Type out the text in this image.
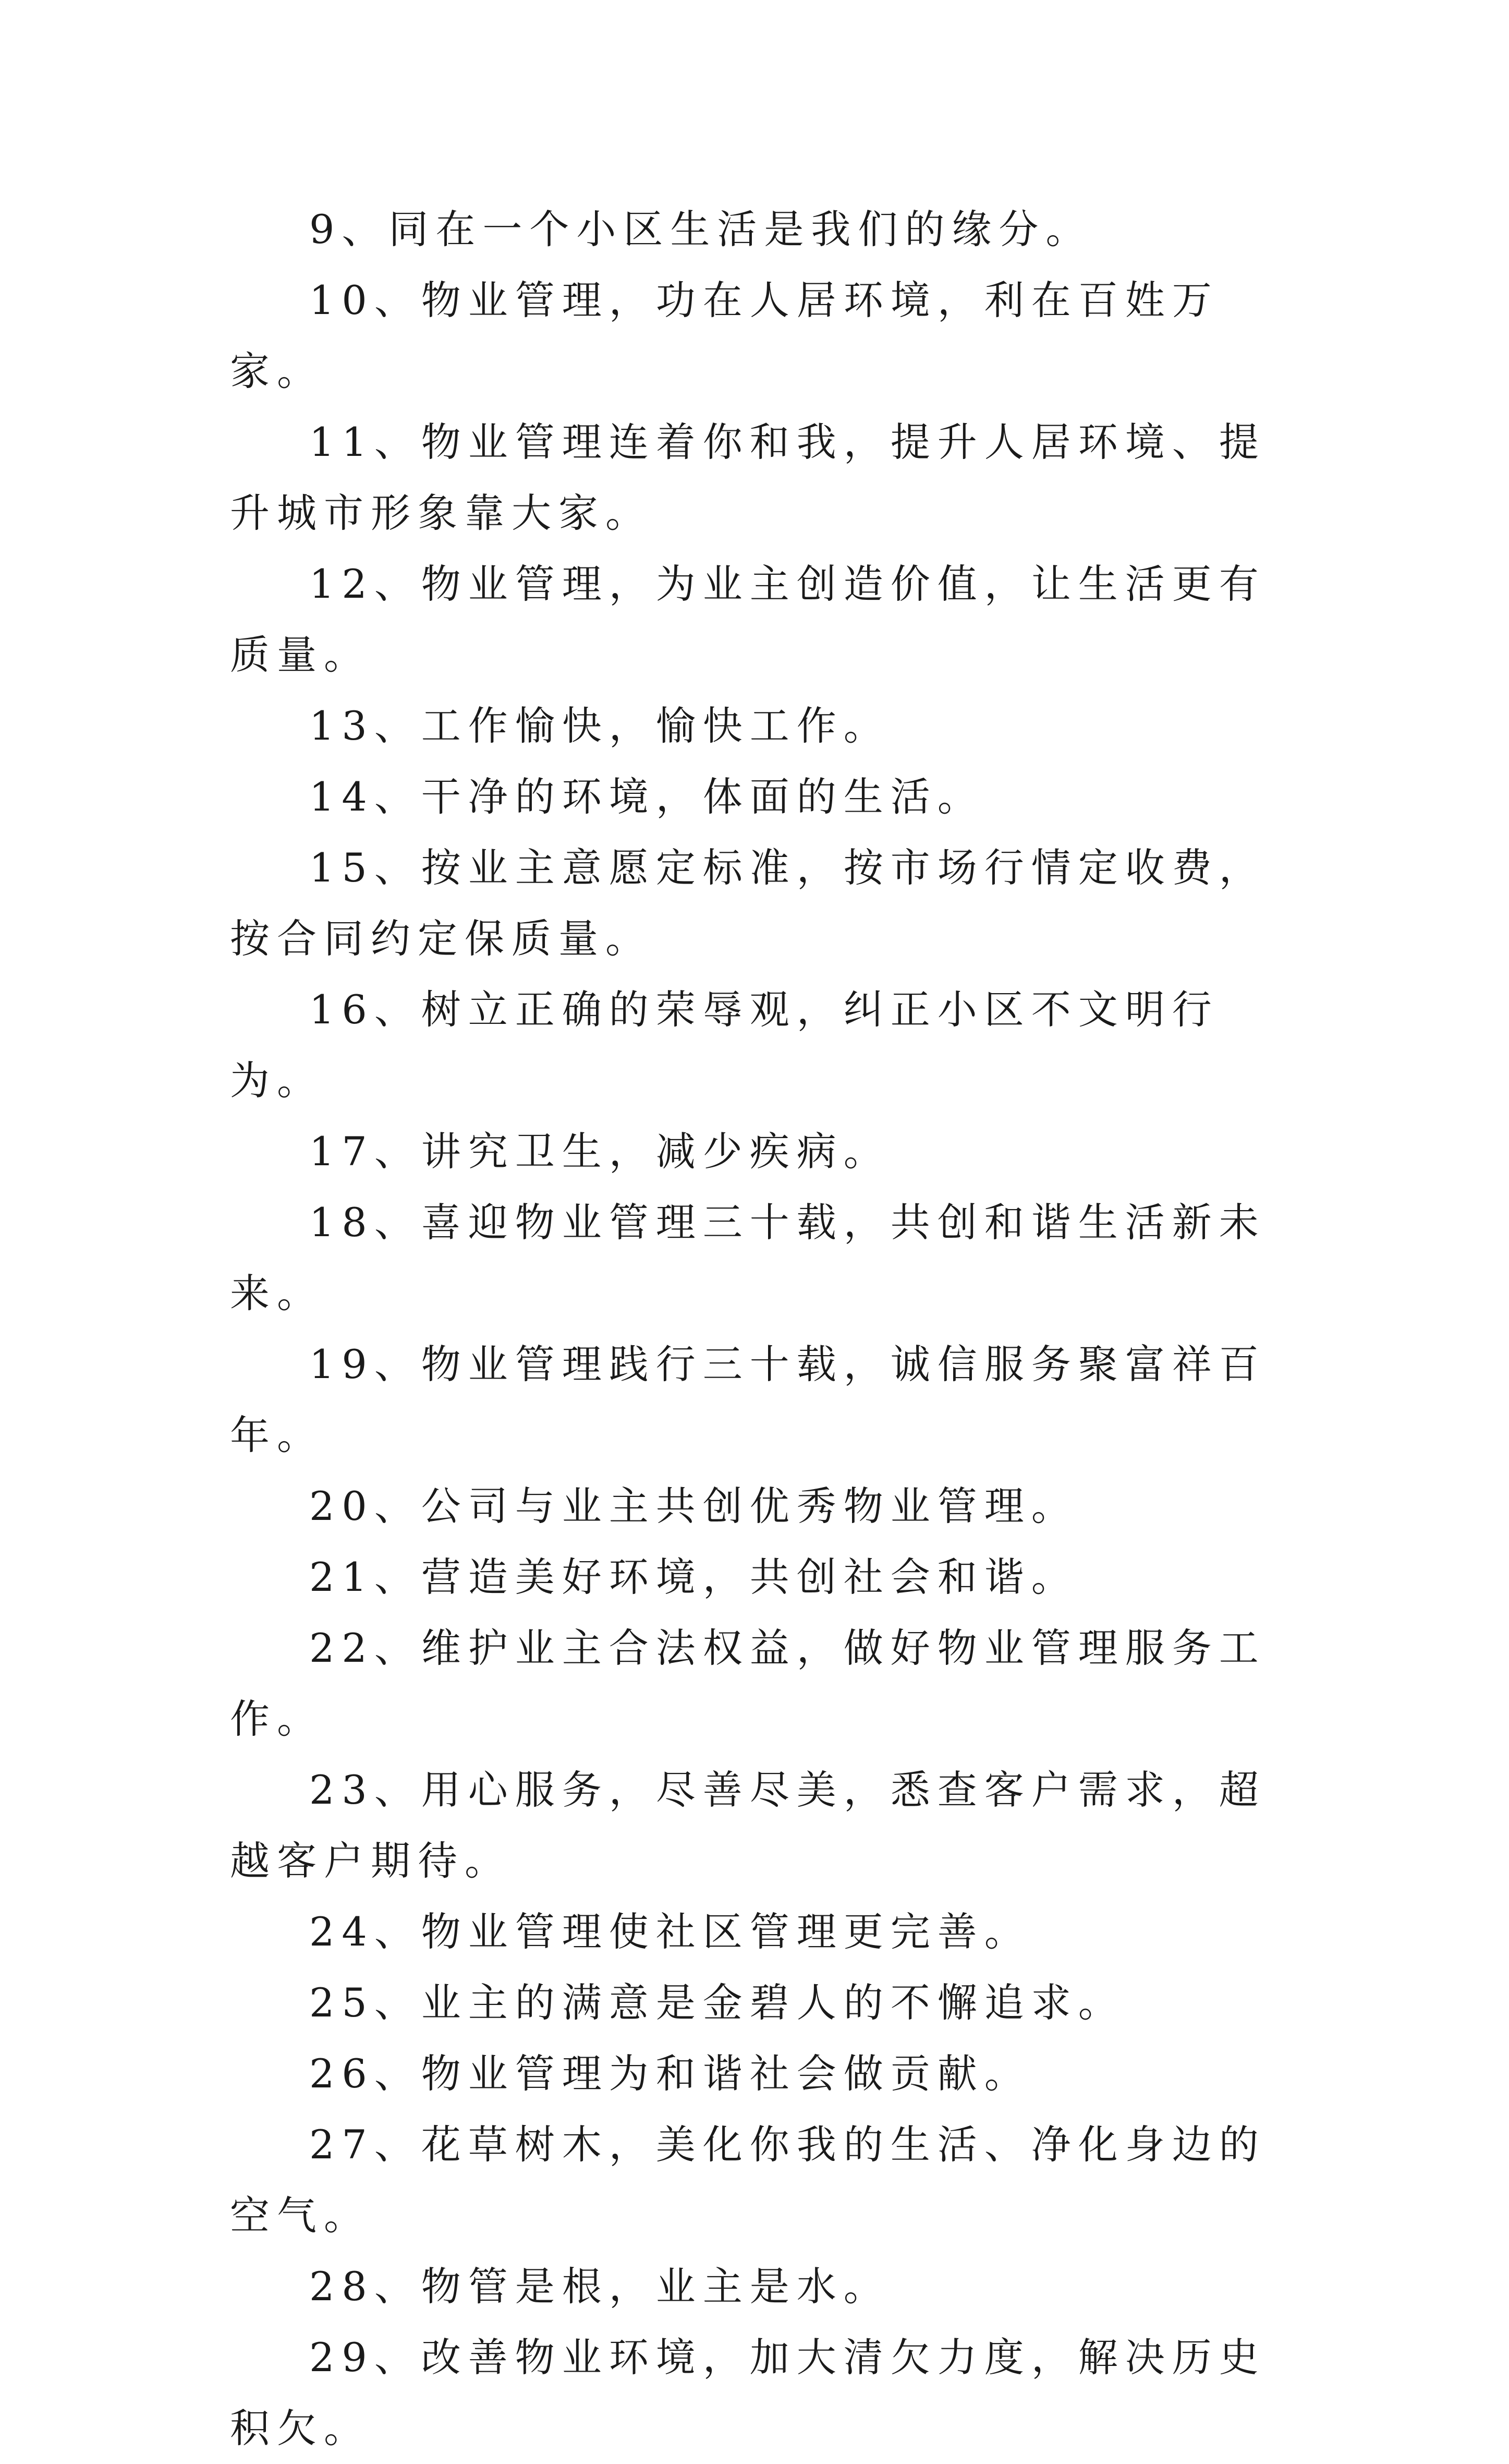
9、同在一个小区生活是我们的缘分。

10、物业管理，功在人居环境，利在百姓万家。

11、物业管理连着你和我，提升人居环境、提升城市形象靠大家。

12、物业管理，为业主创造价值，让生活更有质量。

13、工作愉快，愉快工作。

14、干净的环境，体面的生活。

15、按业主意愿定标准，按市场行情定收费，按合同约定保质量。

16、树立正确的荣辱观，纠正小区不文明行为。

17、讲究卫生，减少疾病。

18、喜迎物业管理三十载，共创和谐生活新未来。

19、物业管理践行三十载，诚信服务聚富祥百年。

20、公司与业主共创优秀物业管理。

21、营造美好环境，共创社会和谐。

22、维护业主合法权益，做好物业管理服务工作。

23、用心服务，尽善尽美，悉查客户需求，超越客户期待。

24、物业管理使社区管理更完善。

25、业主的满意是金碧人的不懈追求。

26、物业管理为和谐社会做贡献。

27、花草树木，美化你我的生活、净化身边的空气。

28、物管是根，业主是水。

29、改善物业环境，加大清欠力度，解决历史积欠。
